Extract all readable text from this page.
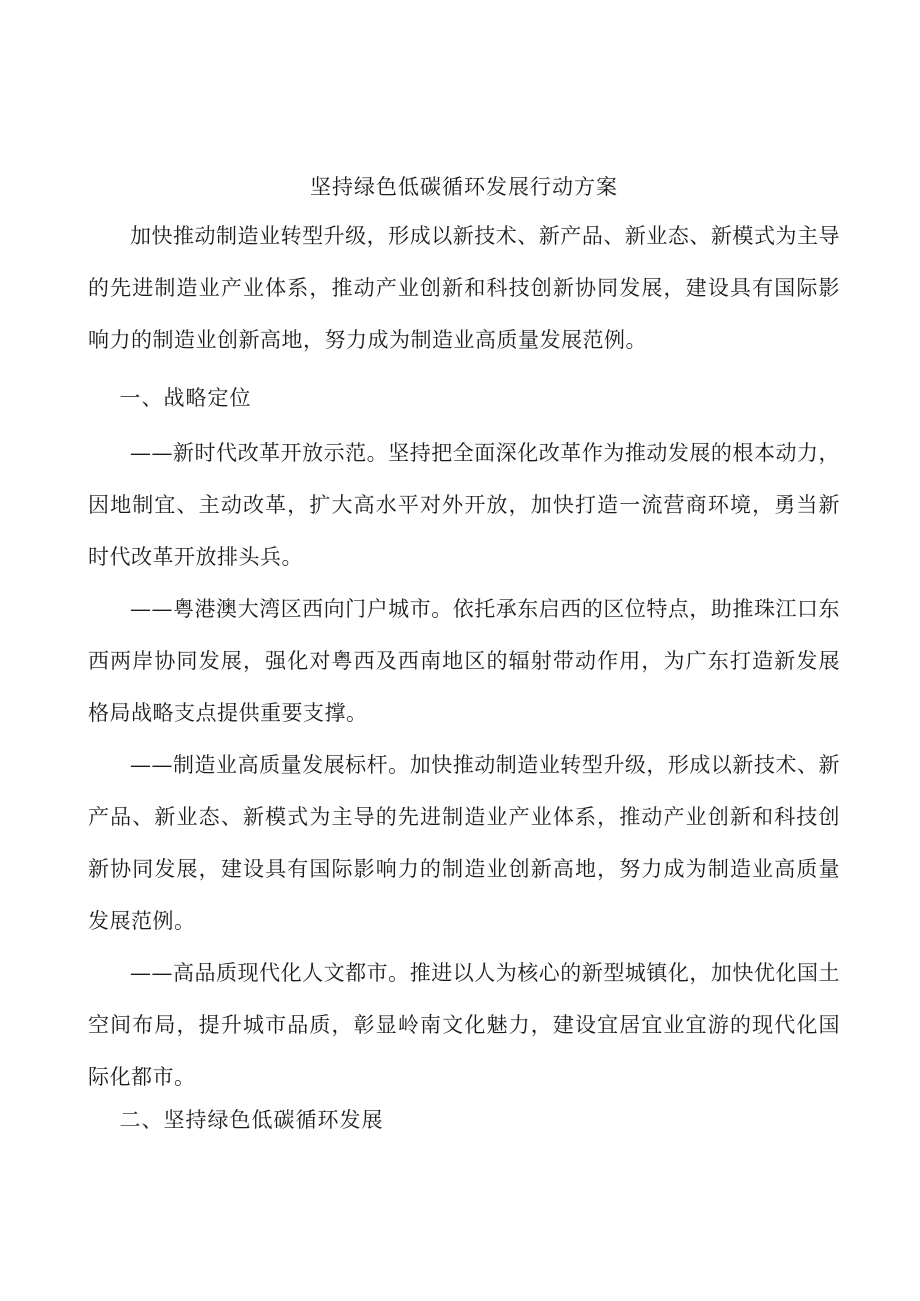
坚持绿色低碳循环发展行动方案

加快推动制造业转型升级，形成以新技术、新产品、新业态、新模式为主导的先进制造业产业体系，推动产业创新和科技创新协同发展，建设具有国际影响力的制造业创新高地，努力成为制造业高质量发展范例。

一、战略定位

——新时代改革开放示范。坚持把全面深化改革作为推动发展的根本动力，因地制宜、主动改革，扩大高水平对外开放，加快打造一流营商环境，勇当新时代改革开放排头兵。

——粤港澳大湾区西向门户城市。依托承东启西的区位特点，助推珠江口东西两岸协同发展，强化对粤西及西南地区的辐射带动作用，为广东打造新发展格局战略支点提供重要支撑。

——制造业高质量发展标杆。加快推动制造业转型升级，形成以新技术、新产品、新业态、新模式为主导的先进制造业产业体系，推动产业创新和科技创新协同发展，建设具有国际影响力的制造业创新高地，努力成为制造业高质量发展范例。

——高品质现代化人文都市。推进以人为核心的新型城镇化，加快优化国土空间布局，提升城市品质，彰显岭南文化魅力，建设宜居宜业宜游的现代化国际化都市。

二、坚持绿色低碳循环发展
